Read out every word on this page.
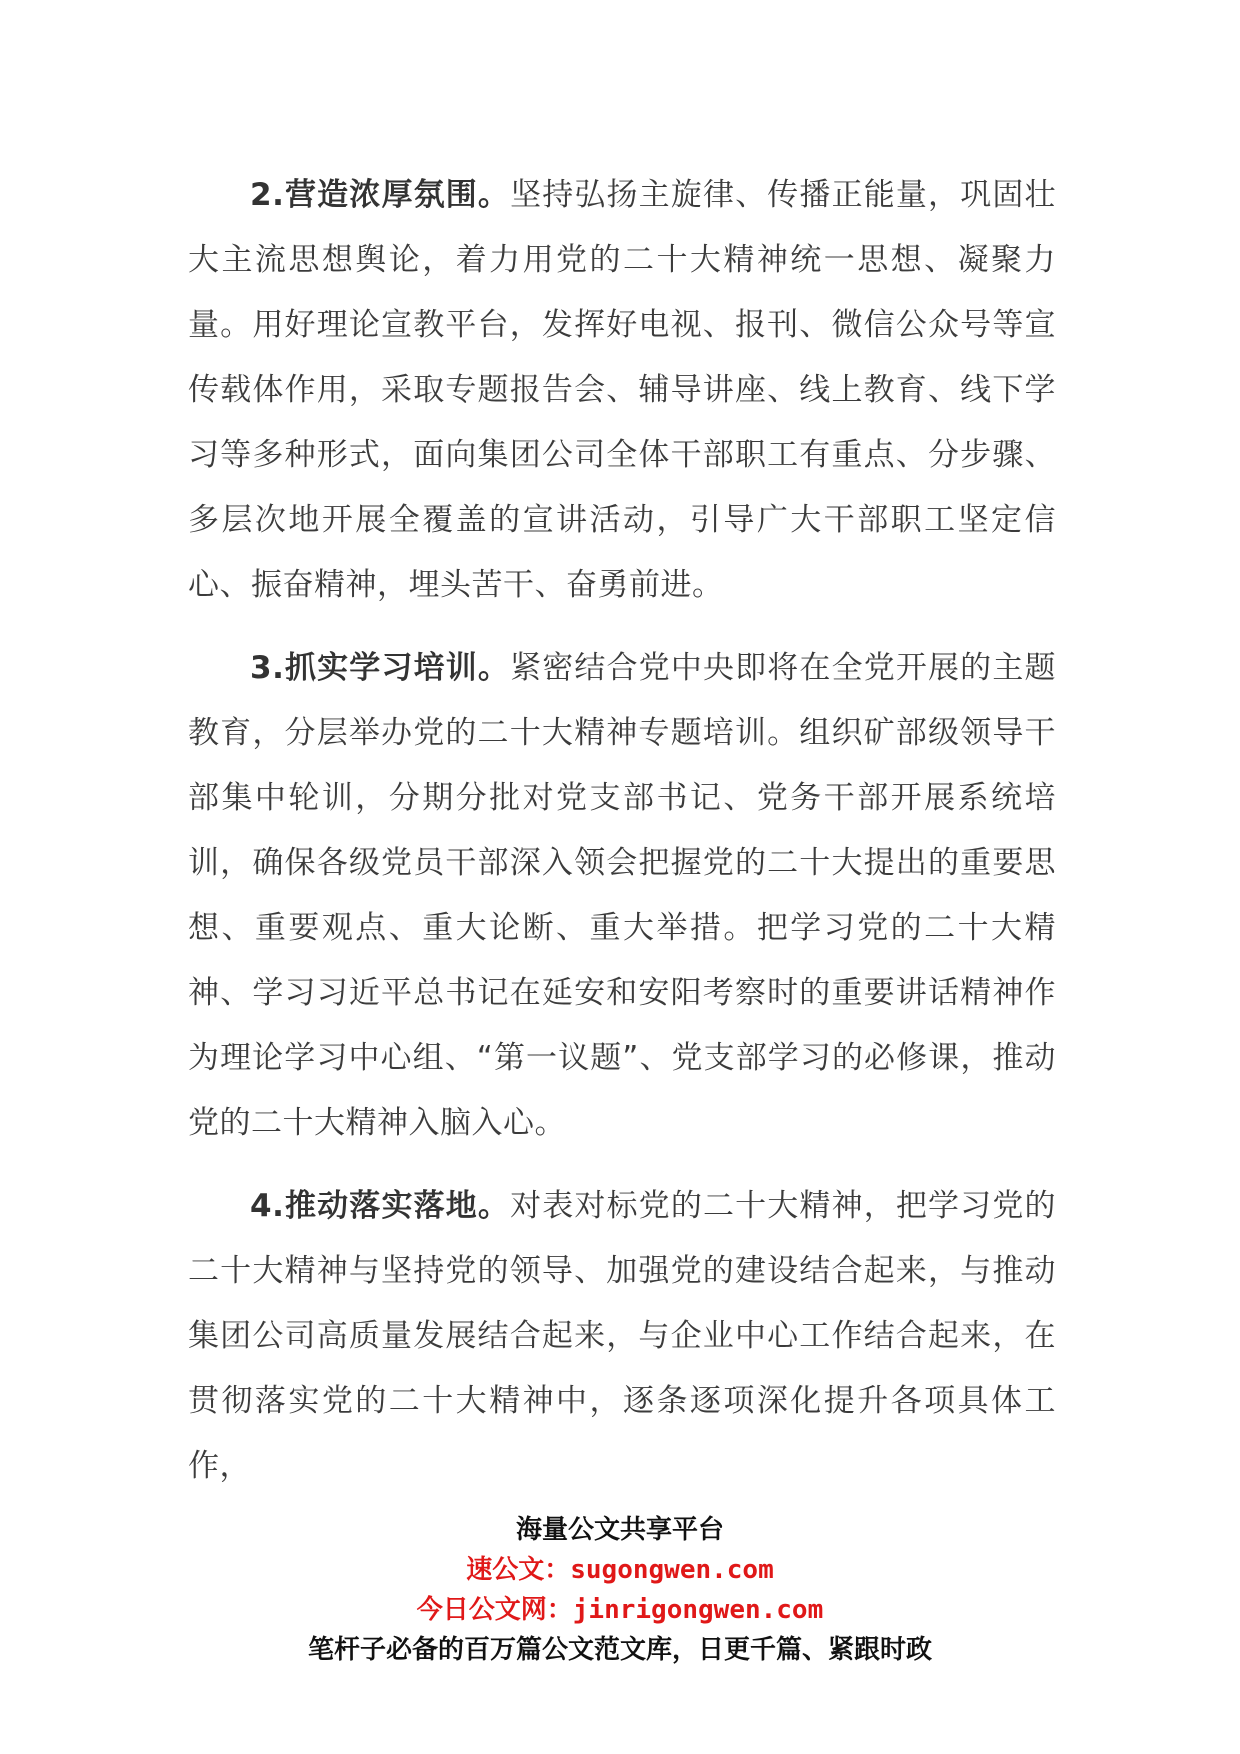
2.营造浓厚氛围。坚持弘扬主旋律、传播正能量，巩固壮大主流思想舆论，着力用党的二十大精神统一思想、凝聚力量。用好理论宣教平台，发挥好电视、报刊、微信公众号等宣传载体作用，采取专题报告会、辅导讲座、线上教育、线下学习等多种形式，面向集团公司全体干部职工有重点、分步骤、多层次地开展全覆盖的宣讲活动，引导广大干部职工坚定信心、振奋精神，埋头苦干、奋勇前进。

3.抓实学习培训。紧密结合党中央即将在全党开展的主题教育，分层举办党的二十大精神专题培训。组织矿部级领导干部集中轮训，分期分批对党支部书记、党务干部开展系统培训，确保各级党员干部深入领会把握党的二十大提出的重要思想、重要观点、重大论断、重大举措。把学习党的二十大精神、学习习近平总书记在延安和安阳考察时的重要讲话精神作为理论学习中心组、“第一议题”、党支部学习的必修课，推动党的二十大精神入脑入心。

4.推动落实落地。对表对标党的二十大精神，把学习党的二十大精神与坚持党的领导、加强党的建设结合起来，与推动集团公司高质量发展结合起来，与企业中心工作结合起来，在贯彻落实党的二十大精神中，逐条逐项深化提升各项具体工作，

海量公文共享平台
速公文：sugongwen.com
今日公文网：jinrigongwen.com
笔杆子必备的百万篇公文范文库，日更千篇、紧跟时政
